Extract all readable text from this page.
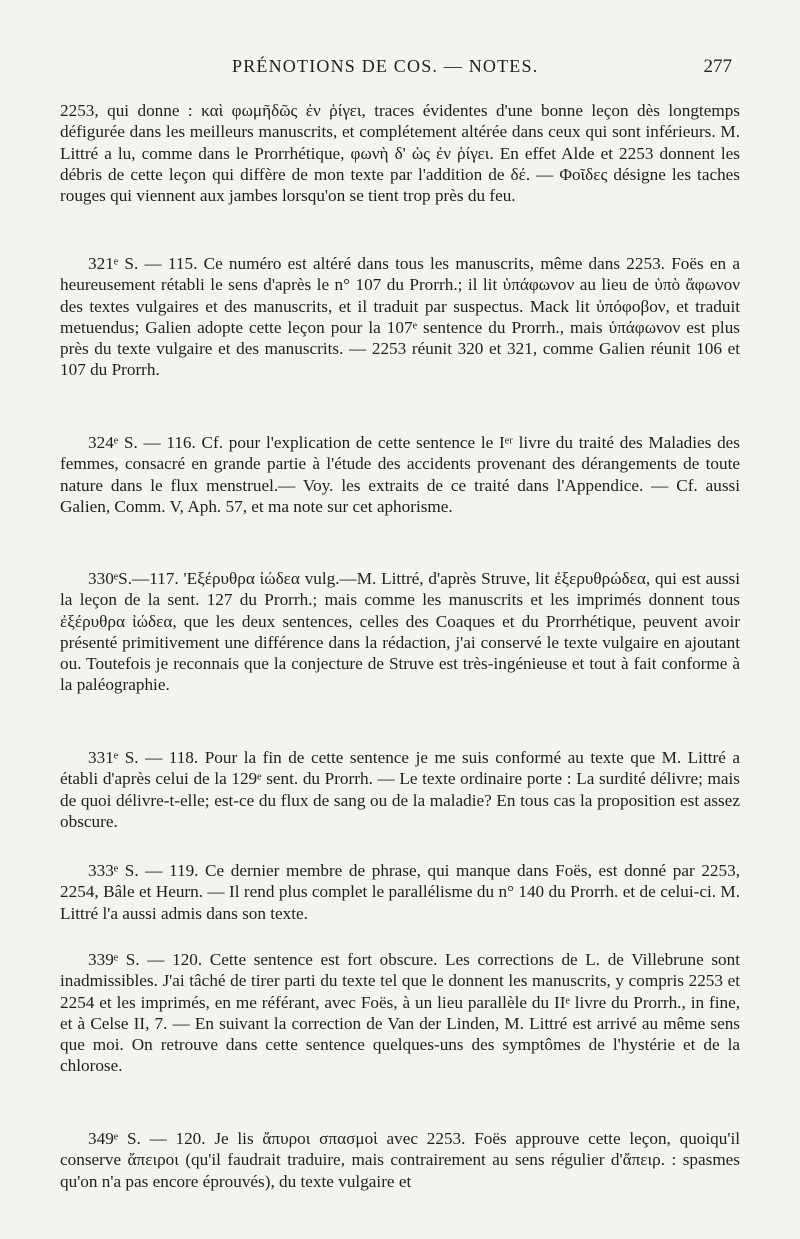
PRÉNOTIONS DE COS. — NOTES.	277

2253, qui donne : καὶ φωμῆδῶς ἐν ῥίγει, traces évidentes d'une bonne leçon dès longtemps défigurée dans les meilleurs manuscrits, et complétement altérée dans ceux qui sont inférieurs. M. Littré a lu, comme dans le Prorrhétique, φωνὴ δ' ὡς ἐν ῥίγει. En effet Alde et 2253 donnent les débris de cette leçon qui diffère de mon texte par l'addition de δέ. — Φοῖδες désigne les taches rouges qui viennent aux jambes lorsqu'on se tient trop près du feu.

321ᵉ S. — 115. Ce numéro est altéré dans tous les manuscrits, même dans 2253. Foës en a heureusement rétabli le sens d'après le n° 107 du Prorrh.; il lit ὑπάφωνον au lieu de ὑπὸ ἄφωνον des textes vulgaires et des manuscrits, et il traduit par suspectus. Mack lit ὑπόφοβον, et traduit metuendus; Galien adopte cette leçon pour la 107ᵉ sentence du Prorrh., mais ὑπάφωνον est plus près du texte vulgaire et des manuscrits. — 2253 réunit 320 et 321, comme Galien réunit 106 et 107 du Prorrh.

324ᵉ S. — 116. Cf. pour l'explication de cette sentence le Iᵉʳ livre du traité des Maladies des femmes, consacré en grande partie à l'étude des accidents provenant des dérangements de toute nature dans le flux menstruel.— Voy. les extraits de ce traité dans l'Appendice. — Cf. aussi Galien, Comm. V, Aph. 57, et ma note sur cet aphorisme.

330ᵉS.—117. 'Εξέρυθρα ἰώδεα vulg.—M. Littré, d'après Struve, lit ἐξερυθρώδεα, qui est aussi la leçon de la sent. 127 du Prorrh.; mais comme les manuscrits et les imprimés donnent tous ἐξέρυθρα ἰώδεα, que les deux sentences, celles des Coaques et du Prorrhétique, peuvent avoir présenté primitivement une différence dans la rédaction, j'ai conservé le texte vulgaire en ajoutant ou. Toutefois je reconnais que la conjecture de Struve est très-ingénieuse et tout à fait conforme à la paléographie.

331ᵉ S. — 118. Pour la fin de cette sentence je me suis conformé au texte que M. Littré a établi d'après celui de la 129ᵉ sent. du Prorrh. — Le texte ordinaire porte : La surdité délivre; mais de quoi délivre-t-elle; est-ce du flux de sang ou de la maladie? En tous cas la proposition est assez obscure.

333ᵉ S. — 119. Ce dernier membre de phrase, qui manque dans Foës, est donné par 2253, 2254, Bâle et Heurn. — Il rend plus complet le parallélisme du n° 140 du Prorrh. et de celui-ci. M. Littré l'a aussi admis dans son texte.

339ᵉ S. — 120. Cette sentence est fort obscure. Les corrections de L. de Villebrune sont inadmissibles. J'ai tâché de tirer parti du texte tel que le donnent les manuscrits, y compris 2253 et 2254 et les imprimés, en me référant, avec Foës, à un lieu parallèle du IIᵉ livre du Prorrh., in fine, et à Celse II, 7. — En suivant la correction de Van der Linden, M. Littré est arrivé au même sens que moi. On retrouve dans cette sentence quelques-uns des symptômes de l'hystérie et de la chlorose.

349ᵉ S. — 120. Je lis ἄπυροι σπασμοὶ avec 2253. Foës approuve cette leçon, quoiqu'il conserve ἄπειροι (qu'il faudrait traduire, mais contrairement au sens régulier d'ἄπειρ. : spasmes qu'on n'a pas encore éprouvés), du texte vulgaire et
